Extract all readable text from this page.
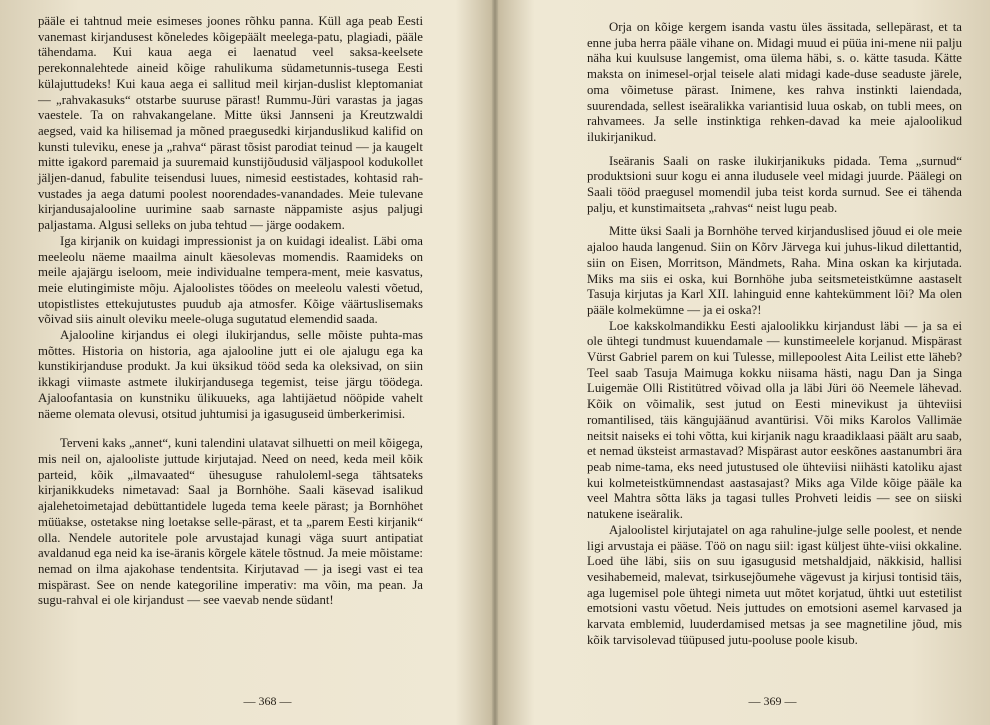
pääle ei tahtnud meie esimeses joones rõhku panna. Küll aga peab Eesti vanemast kirjandusest kõneledes kõigepäält meelega-patu, plagiadi, pääle tähendama. Kui kaua aega ei laenatud veel saksa-keelsete perekonnalehtede aineid kõige rahulikuma südametunnis-tusega Eesti külajuttudeks! Kui kaua aega ei sallitud meil kirjan-duslist kleptomaniat — „rahvakasuks“ otstarbe suuruse pärast! Rummu-Jüri varastas ja jagas vaestele. Ta on rahvakangelane. Mitte üksi Jannseni ja Kreutzwaldi aegsed, vaid ka hilisemad ja mõned praegusedki kirjanduslikud kalifid on kunsti tuleviku, enese ja „rahva“ pärast tõsist parodiat teinud — ja kaugelt mitte igakord paremaid ja suuremaid kunstijõudusid väljaspool kodukollet jäljen-danud, fabulite teisendusi luues, nimesid eestistades, kohtasid rah-vustades ja aega datumi poolest noorendades-vanandades. Meie tulevane kirjandusajalooline uurimine saab sarnaste näppamiste asjus paljugi paljastama. Algusi selleks on juba tehtud — järge oodakem.

Iga kirjanik on kuidagi impressionist ja on kuidagi idealist. Läbi oma meeleolu näeme maailma ainult käesolevas momendis. Raamideks on meile ajajärgu iseloom, meie individualne tempera-ment, meie kasvatus, meie elutingimiste mõju. Ajaloolistes töödes on meeleolu valesti võetud, utopistlistes ettekujutustes puudub aja atmosfer. Kõige väärtuslisemaks võivad siis ainult oleviku meele-oluga sugutatud elemendid saada.

Ajalooline kirjandus ei olegi ilukirjandus, selle mõiste puhta-mas mõttes. Historia on historia, aga ajalooline jutt ei ole ajalugu ega ka kunstikirjanduse produkt. Ja kui üksikud tööd seda ka oleksivad, on siin ikkagi viimaste astmete ilukirjandusega tegemist, teise järgu töödega. Ajaloofantasia on kunstniku ülikuueks, aga lahtijäetud nööpide vahelt näeme olemata olevusi, otsitud juhtumisi ja igasuguseid ümberkerimisi.

Terveni kaks „annet“, kuni talendini ulatavat silhuetti on meil kõigega, mis neil on, ajalooliste juttude kirjutajad. Need on need, keda meil kõik parteid, kõik „ilmavaated“ ühesuguse rahuloleml-sega tähtsateks kirjanikkudeks nimetavad: Saal ja Bornhöhe. Saali käsevad isalikud ajalehetoimetajad debüttantidele lugeda tema keele pärast; ja Bornhöhet müüakse, ostetakse ning loetakse selle-pärast, et ta „parem Eesti kirjanik“ olla. Nendele autoritele pole arvustajad kunagi väga suurt antipatiat avaldanud ega neid ka ise-äranis kõrgele kätele tõstnud. Ja meie mõistame: nemad on ilma ajakohase tendentsita. Kirjutavad — ja isegi vast ei tea mispärast. See on nende kategoriline imperativ: ma võin, ma pean. Ja sugu-rahval ei ole kirjandust — see vaevab nende südant!

— 368 —

Orja on kõige kergem isanda vastu üles ässitada, sellepärast, et ta enne juba herra pääle vihane on. Midagi muud ei püüa ini-mene nii palju näha kui kuulsuse langemist, oma ülema häbi, s. o. kätte tasuda. Kätte maksta on inimesel-orjal teisele alati midagi kade-duse seaduste järele, oma võimetuse pärast. Inimene, kes rahva instinkti laiendada, suurendada, sellest iseäralikka variantisid luua oskab, on tubli mees, on rahvamees. Ja selle instinktiga rehken-davad ka meie ajaloolikud ilukirjanikud.

Iseäranis Saali on raske ilukirjanikuks pidada. Tema „surnud“ produktsioni suur kogu ei anna iludusele veel midagi juurde. Päälegi on Saali tööd praegusel momendil juba teist korda surnud. See ei tähenda palju, et kunstimaitseta „rahvas“ neist lugu peab.

Mitte üksi Saali ja Bornhöhe terved kirjanduslised jõuud ei ole meie ajaloo hauda langenud. Siin on Kõrv Järvega kui juhus-likud dilettantid, siin on Eisen, Morritson, Mändmets, Raha. Mina oskan ka kirjutada. Miks ma siis ei oska, kui Bornhöhe juba seitsmeteistkümne aastaselt Tasuja kirjutas ja Karl XII. lahinguid enne kahtekümment lõi? Ma olen pääle kolmekümne — ja ei oska?!

Loe kakskolmandikku Eesti ajaloolikku kirjandust läbi — ja sa ei ole ühtegi tundmust kuuendamale — kunstimeelele korjanud. Mispärast Vürst Gabriel parem on kui Tulesse, millepoolest Aita Leilist ette läheb? Teel saab Tasuja Maimuga kokku niisama hästi, nagu Dan ja Singa Luigemäe Olli Ristitütred võivad olla ja läbi Jüri öö Neemele lähevad. Kõik on võimalik, sest jutud on Eesti minevikust ja ühteviisi romantilised, täis kängujäänud avantürisi. Või miks Karolos Vallimäe neitsit naiseks ei tohi võtta, kui kirjanik nagu kraadiklaasi päält aru saab, et nemad üksteist armastavad? Mispärast autor eeskõnes aastanumbri ära peab nime-tama, eks need jutustused ole ühteviisi niihästi katoliku ajast kui kolmeteistkümnendast aastasajast? Miks aga Vilde kõige pääle ka veel Mahtra sõtta läks ja tagasi tulles Prohveti leidis — see on siiski natukene iseäralik.

Ajaloolistel kirjutajatel on aga rahuline-julge selle poolest, et nende ligi arvustaja ei pääse. Töö on nagu siil: igast küljest ühte-viisi okkaline. Loed ühe läbi, siis on suu igasugusid metshaldjaid, näkkisid, hallisi vesihabemeid, malevat, tsirkusejõumehe vägevust ja kirjusi tontisid täis, aga lugemisel pole ühtegi nimeta uut mõtet korjatud, ühtki uut estetilist emotsioni vastu võetud. Neis juttudes on emotsioni asemel karvased ja karvata emblemid, luuderdamised metsas ja see magnetiline jõud, mis kõik tarvisolevad tüüpused jutu-pooluse poole kisub.

— 369 —
